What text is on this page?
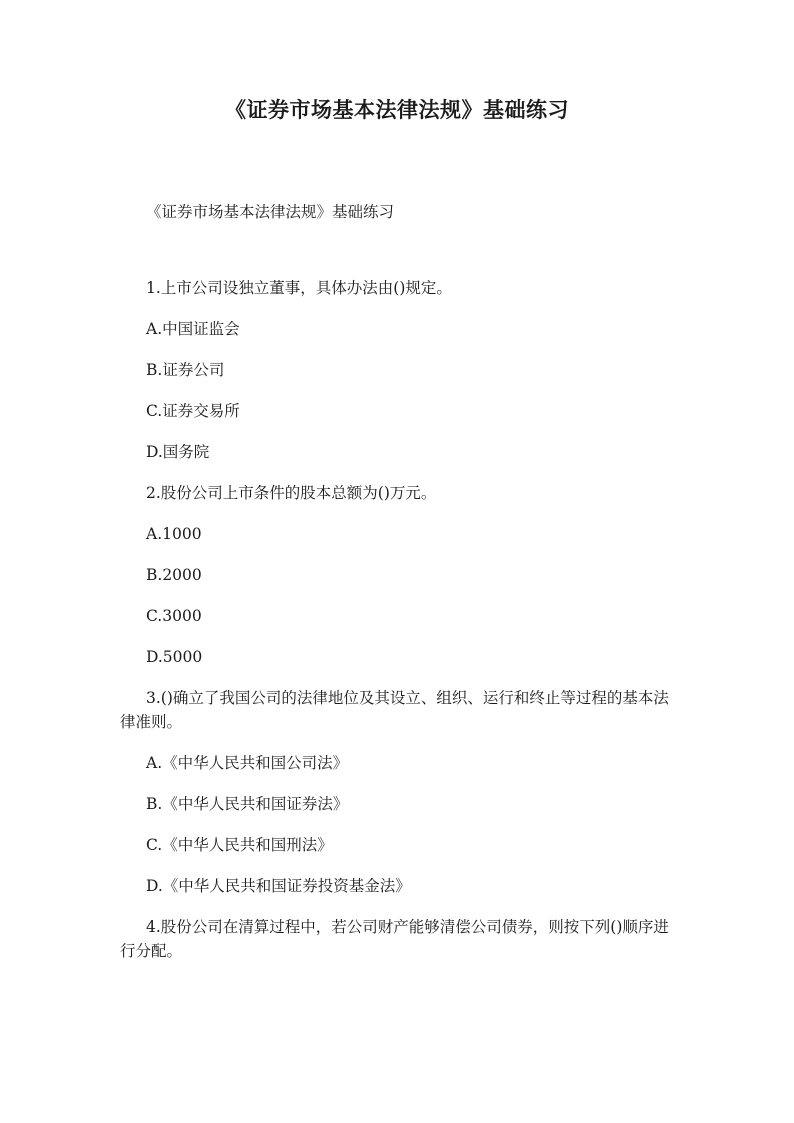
《证券市场基本法律法规》基础练习
《证券市场基本法律法规》基础练习

1.上市公司设独立董事，具体办法由()规定。

A.中国证监会

B.证券公司

C.证券交易所

D.国务院

2.股份公司上市条件的股本总额为()万元。

A.1000

B.2000

C.3000

D.5000

3.()确立了我国公司的法律地位及其设立、组织、运行和终止等过程的基本法律准则。

A.《中华人民共和国公司法》

B.《中华人民共和国证券法》

C.《中华人民共和国刑法》

D.《中华人民共和国证券投资基金法》

4.股份公司在清算过程中，若公司财产能够清偿公司债券，则按下列()顺序进行分配。
